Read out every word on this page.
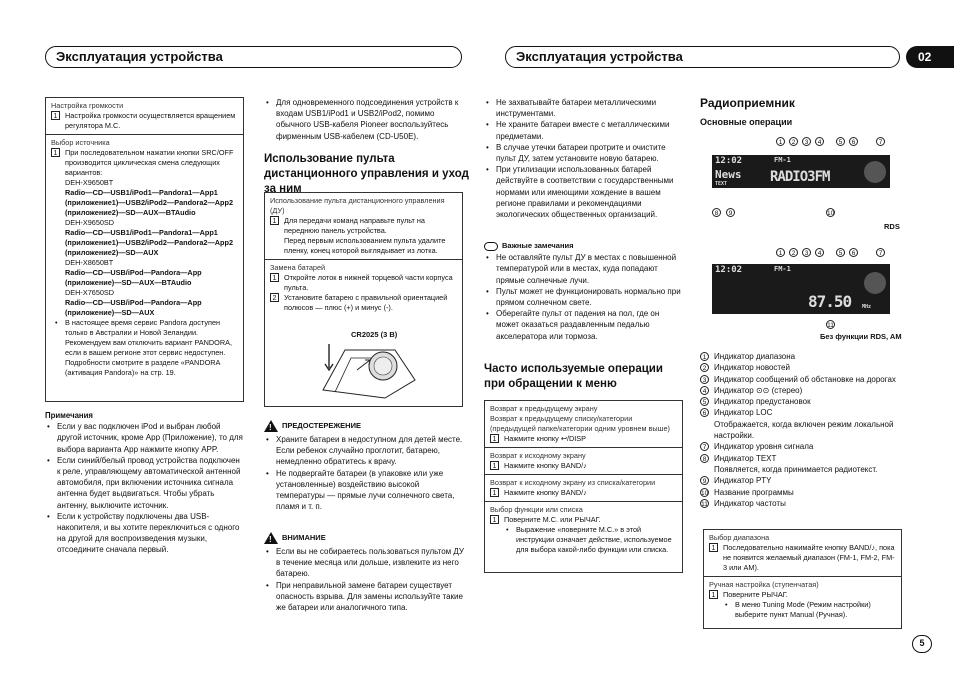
Эксплуатация устройства	Эксплуатация устройства	02
Настройка громкости
1	Настройка громкости осуществляется вращением регулятора M.C.
Выбор источника
1	При последовательном нажатии кнопки SRC/OFF производится циклическая смена следующих вариантов:
DEH-X9650BT
Radio—CD—USB1/iPod1—Pandora1—App1 (приложение1)—USB2/iPod2—Pandora2—App2 (приложение2)—SD—AUX—BTAudio
DEH-X9650SD
Radio—CD—USB1/iPod1—Pandora1—App1 (приложение1)—USB2/iPod2—Pandora2—App2 (приложение2)—SD—AUX
DEH-X8650BT
Radio—CD—USB/iPod—Pandora—App (приложение)—SD—AUX—BTAudio
DEH-X7650SD
Radio—CD—USB/iPod—Pandora—App (приложение)—SD—AUX
• В настоящее время сервис Pandora доступен только в Австралии и Новой Зеландии. Рекомендуем вам отключить вариант PANDORA, если в вашем регионе этот сервис недоступен. Подробности смотрите в разделе «PANDORA (активация Pandora)» на стр. 19.
Примечания
• Если у вас подключен iPod и выбран любой другой источник, кроме App (Приложение), то для выбора варианта App нажмите кнопку APP.
• Если синий/белый провод устройства подключен к реле, управляющему автоматической антенной автомобиля, при включении источника сигнала антенна будет выдвигаться. Чтобы убрать антенну, выключите источник.
• Если к устройству подключены два USB-накопителя, и вы хотите переключиться с одного на другой для воспроизведения музыки, отсоедините сначала первый.
• Для одновременного подсоединения устройств к входам USB1/iPod1 и USB2/iPod2, помимо обычного USB-кабеля Pioneer воспользуйтесь фирменным USB-кабелем (CD-U50E).
Использование пульта дистанционного управления и уход за ним
Использование пульта дистанционного управления (ДУ)
1	Для передачи команд направьте пульт на переднюю панель устройства.
Перед первым использованием пульта удалите пленку, конец которой выглядывает из лотка.
Замена батарей
1	Откройте лоток в нижней торцевой части корпуса пульта.
2	Установите батарею с правильной ориентацией полюсов — плюс (+) и минус (-).
CR2025 (3 В)
!ПРЕДОСТЕРЕЖЕНИЕ
• Храните батареи в недоступном для детей месте. Если ребенок случайно проглотит, батарею, немедленно обратитесь к врачу.
• Не подвергайте батареи (в упаковке или уже установленные) воздействию высокой температуры — прямые лучи солнечного света, пламя и т. п.
!ВНИМАНИЕ
• Если вы не собираетесь пользоваться пультом ДУ в течение месяца или дольше, извлеките из него батарею.
• При неправильной замене батареи существует опасность взрыва. Для замены используйте такие же батареи или аналогичного типа.
• Не захватывайте батареи металлическими инструментами.
• Не храните батареи вместе с металлическими предметами.
• В случае утечки батареи протрите и очистите пульт ДУ, затем установите новую батарею.
• При утилизации использованных батарей действуйте в соответствии с государственными нормами или имеющими хождение в вашем регионе правилами и рекомендациями экологических общественных организаций.
Важные замечания
• Не оставляйте пульт ДУ в местах с повышенной температурой или в местах, куда попадают прямые солнечные лучи.
• Пульт может не функционировать нормально при прямом солнечном свете.
• Оберегайте пульт от падения на пол, где он может оказаться раздавленным педалью акселератора или тормоза.
Часто используемые операции при обращении к меню
Возврат к предыдущему экрану
Возврат к предыдущему списку/категории (предыдущей папке/категории одним уровнем выше)
1	Нажмите кнопку ↩/DISP
Возврат к исходному экрану
1	Нажмите кнопку BAND/♪
Возврат к исходному экрану из списка/категории
1	Нажмите кнопку BAND/♪
Выбор функции или списка
1	Поверните M.C. или РЫЧАГ.
• Выражение «поверните M.C.» в этой инструкции означает действие, используемое для выбора какой-либо функции или списка.
Радиоприемник
Основные операции
1	2	3	4	5	6	7
12:02	FM-1
News
TEXT	RADIO3FM
8	9	10
RDS
1	2	3	4	5	6	7
12:02	FM-1
87.50 MHz
11
Без функции RDS, AM
1 Индикатор диапазона
2 Индикатор новостей
3 Индикатор сообщений об обстановке на дорогах
4 Индикатор ⊙⊙ (стерео)
5 Индикатор предустановок
6 Индикатор LOC
Отображается, когда включен режим локальной настройки.
7 Индикатор уровня сигнала
8 Индикатор TEXT
Появляется, когда принимается радиотекст.
9 Индикатор PTY
10 Название программы
11 Индикатор частоты
Выбор диапазона
1	Последовательно нажимайте кнопку BAND/♪, пока не появится желаемый диапазон (FM-1, FM-2, FM-3 или AM).
Ручная настройка (ступенчатая)
1	Поверните РЫЧАГ.
• В меню Tuning Mode (Режим настройки) выберите пункт Manual (Ручная).
5
